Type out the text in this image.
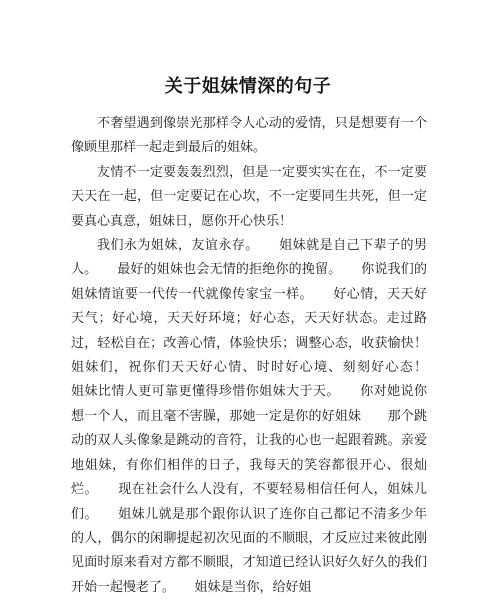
关于姐妹情深的句子

不奢望遇到像崇光那样令人心动的爱情，只是想要有一个像顾里那样一起走到最后的姐妹。

友情不一定要轰轰烈烈，但是一定要实实在在，不一定要天天在一起，但一定要记在心坎，不一定要同生共死，但一定要真心真意，姐妹日，愿你开心快乐！

我们永为姐妹，友谊永存。　　姐妹就是自己下辈子的男人。　　最好的姐妹也会无情的拒绝你的挽留。　　你说我们的姐妹情谊要一代传一代就像传家宝一样。　　好心情，天天好天气；好心境，天天好环境；好心态，天天好状态。走过路过，轻松自在；改善心情，体验快乐；调整心态，收获愉快！姐妹们，祝你们天天好心情、时时好心境、刻刻好心态！　　姐妹比情人更可靠更懂得珍惜你姐妹大于天。　　你对她说你想一个人，而且毫不害臊，那她一定是你的好姐妹　　那个跳动的双人头像象是跳动的音符，让我的心也一起跟着跳。亲爱地姐妹，有你们相伴的日子，我每天的笑容都很开心、很灿烂。　　现在社会什么人没有，不要轻易相信任何人，姐妹儿们。　　姐妹儿就是那个跟你认识了连你自己都记不清多少年的人，偶尔的闲聊提起初次见面的不顺眼，才反应过来彼此刚见面时原来看对方都不顺眼，才知道已经认识好久好久的我们开始一起慢老了。　　姐妹是当你，给好姐
